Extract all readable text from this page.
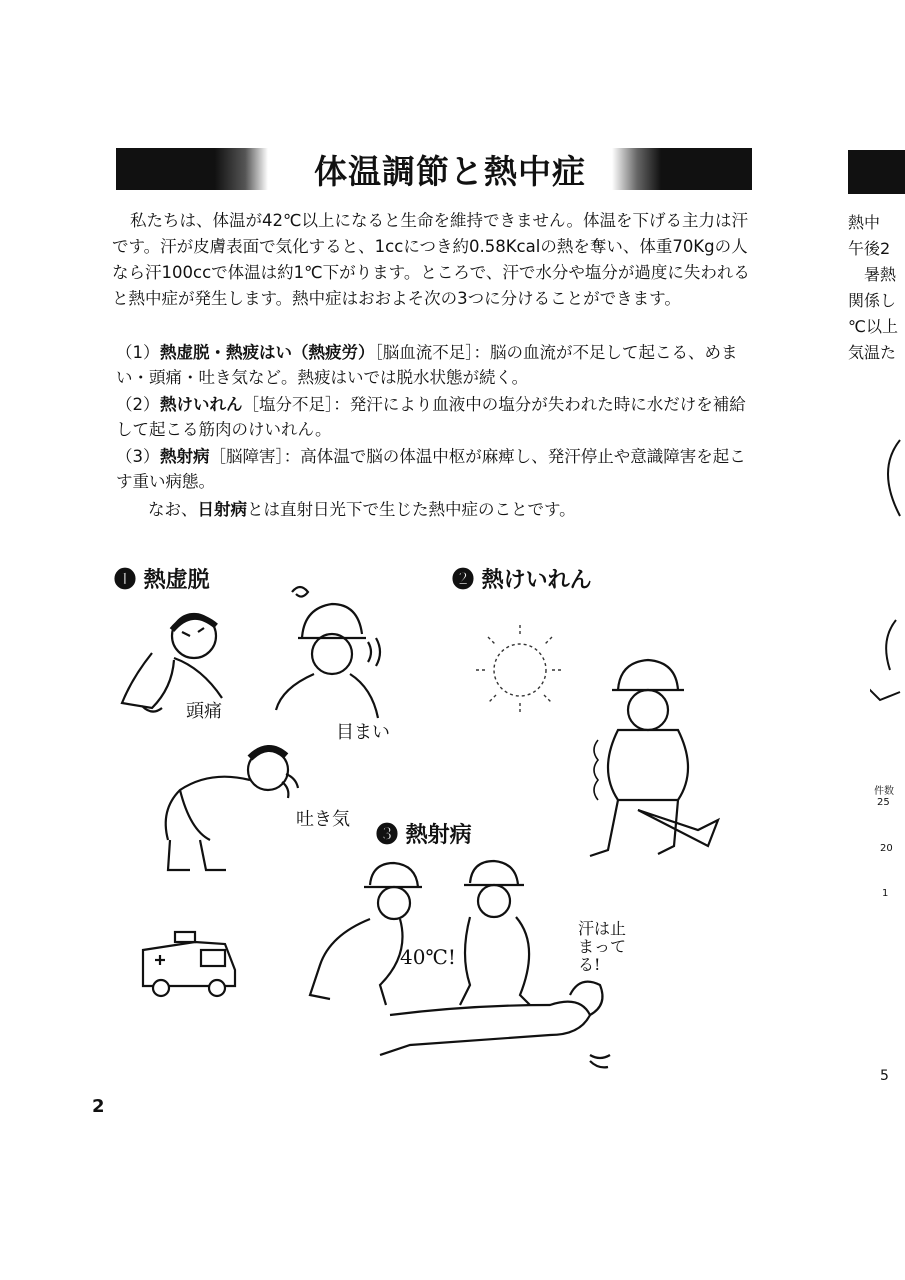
体温調節と熱中症
私たちは、体温が42℃以上になると生命を維持できません。体温を下げる主力は汗です。汗が皮膚表面で気化すると、1ccにつき約0.58Kcalの熱を奪い、体重70Kgの人なら汗100ccで体温は約1℃下がります。ところで、汗で水分や塩分が過度に失われると熱中症が発生します。熱中症はおおよそ次の3つに分けることができます。
（1）熱虚脱・熱疲はい（熱疲労）［脳血流不足］：脳の血流が不足して起こる、めまい・頭痛・吐き気など。熱疲はいでは脱水状態が続く。
（2）熱けいれん［塩分不足］：発汗により血液中の塩分が失われた時に水だけを補給して起こる筋肉のけいれん。
（3）熱射病［脳障害］：高体温で脳の体温中枢が麻痺し、発汗停止や意識障害を起こす重い病態。
なお、日射病とは直射日光下で生じた熱中症のことです。
❶ 熱虚脱	❷ 熱けいれん
❸ 熱射病
頭痛
目まい
吐き気
40℃!
汗は止まってる!
2
熱中
午後2
暑熱
関係し
℃以上
気温た
件数
25
20
1
5
